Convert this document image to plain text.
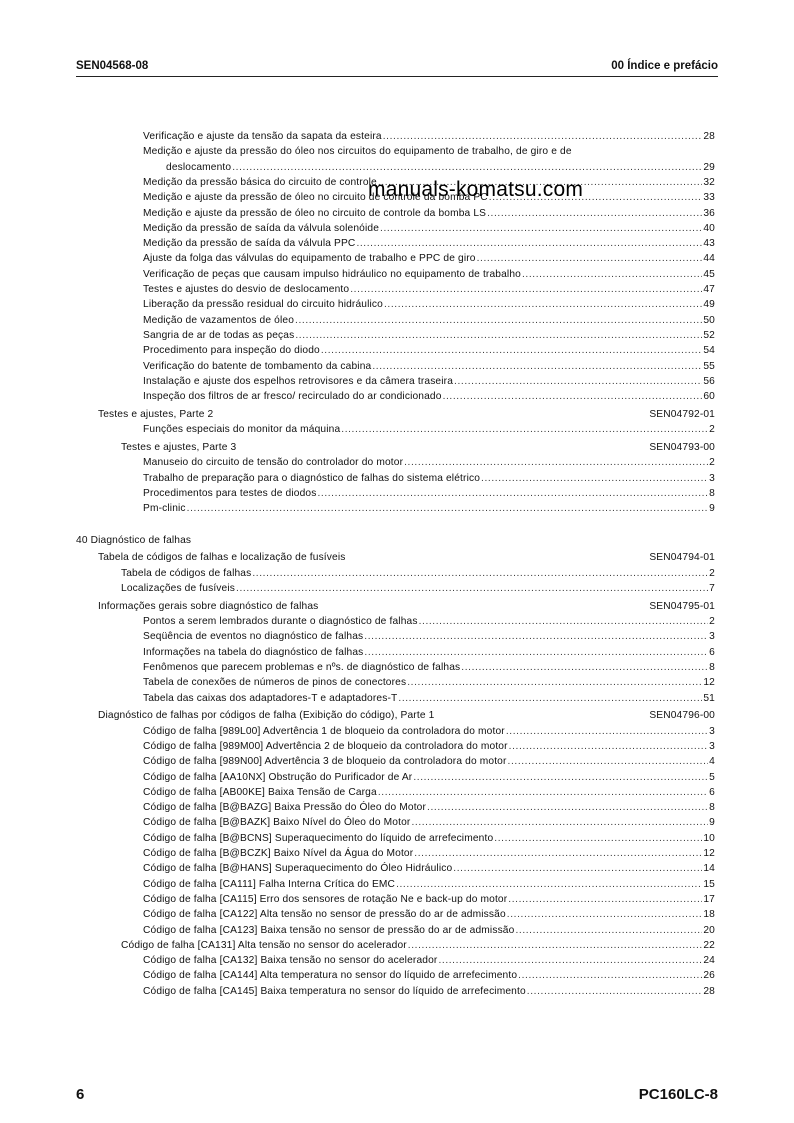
SEN04568-08	00 Índice e prefácio
Verificação e ajuste da tensão da sapata da esteira .....	28
Medição e ajuste da pressão do óleo nos circuitos do equipamento de trabalho, de giro e de
deslocamento .....	29
Medição da pressão básica do circuito de controle .....	32
Medição e ajuste da pressão de óleo no circuito de controle da bomba PC .....	33
Medição e ajuste da pressão de óleo no circuito de controle da bomba LS .....	36
Medição da pressão de saída da válvula solenóide .....	40
Medição da pressão de saída da válvula PPC .....	43
Ajuste da folga das válvulas do equipamento de trabalho e PPC de giro .....	44
Verificação de peças que causam impulso hidráulico no equipamento de trabalho .....	45
Testes e ajustes do desvio de deslocamento .....	47
Liberação da pressão residual do circuito hidráulico .....	49
Medição de vazamentos de óleo .....	50
Sangria de ar de todas as peças .....	52
Procedimento para inspeção do diodo .....	54
Verificação do batente de tombamento da cabina .....	55
Instalação e ajuste dos espelhos retrovisores e da câmera traseira .....	56
Inspeção dos filtros de ar fresco/ recirculado do ar condicionado .....	60
Testes e ajustes, Parte 2	SEN04792-01
Funções especiais do monitor da máquina .....	2
Testes e ajustes, Parte 3	SEN04793-00
Manuseio do circuito de tensão do controlador do motor .....	2
Trabalho de preparação para o diagnóstico de falhas do sistema elétrico .....	3
Procedimentos para testes de diodos .....	8
Pm-clinic .....	9
40 Diagnóstico de falhas
Tabela de códigos de falhas e localização de fusíveis	SEN04794-01
Tabela de códigos de falhas .....	2
Localizações de fusíveis .....	7
Informações gerais sobre diagnóstico de falhas	SEN04795-01
Pontos a serem lembrados durante o diagnóstico de falhas .....	2
Seqüência de eventos no diagnóstico de falhas .....	3
Informações na tabela do diagnóstico de falhas .....	6
Fenômenos que parecem problemas e nºs. de diagnóstico de falhas .....	8
Tabela de conexões de números de pinos de conectores .....	12
Tabela das caixas dos adaptadores-T e adaptadores-T .....	51
Diagnóstico de falhas por códigos de falha (Exibição do código), Parte 1	SEN04796-00
Código de falha [989L00] Advertência 1 de bloqueio da controladora do motor .....	3
Código de falha [989M00] Advertência 2 de bloqueio da controladora do motor .....	3
Código de falha [989N00] Advertência 3 de bloqueio da controladora do motor .....	4
Código de falha [AA10NX] Obstrução do Purificador de Ar .....	5
Código de falha [AB00KE] Baixa Tensão de Carga .....	6
Código de falha [B@BAZG] Baixa Pressão do Óleo do Motor .....	8
Código de falha [B@BAZK] Baixo Nível do Óleo do Motor .....	9
Código de falha [B@BCNS] Superaquecimento do líquido de arrefecimento .....	10
Código de falha [B@BCZK] Baixo Nível da Água do Motor .....	12
Código de falha [B@HANS] Superaquecimento do Óleo Hidráulico .....	14
Código de falha [CA111] Falha Interna Crítica do EMC .....	15
Código de falha [CA115] Erro dos sensores de rotação Ne e back-up do motor .....	17
Código de falha [CA122] Alta tensão no sensor de pressão do ar de admissão .....	18
Código de falha [CA123] Baixa tensão no sensor de pressão do ar de admissão .....	20
Código de falha [CA131] Alta tensão no sensor do acelerador .....	22
Código de falha [CA132] Baixa tensão no sensor do acelerador .....	24
Código de falha [CA144] Alta temperatura no sensor do líquido de arrefecimento .....	26
Código de falha [CA145] Baixa temperatura no sensor do líquido de arrefecimento .....	28
manuals-komatsu.com
6	PC160LC-8
